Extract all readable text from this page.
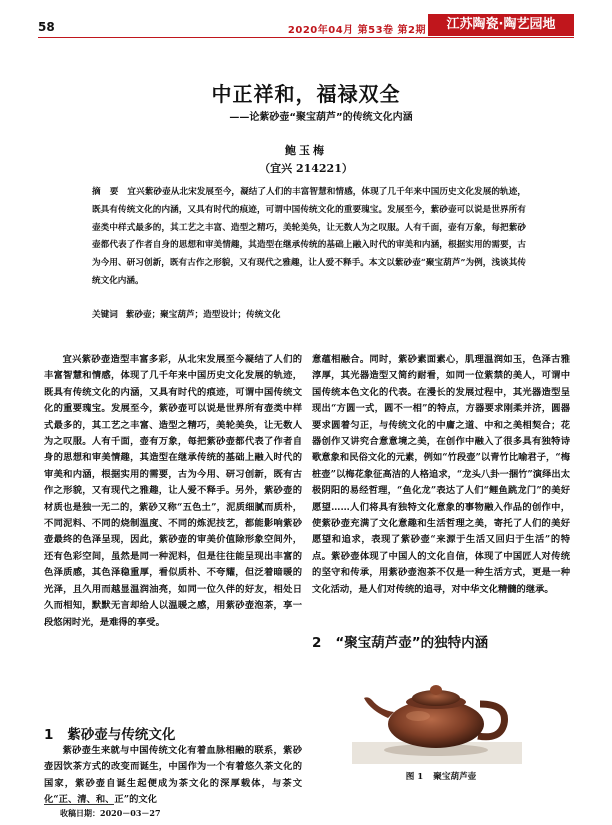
58	2020年04月 第53卷 第2期	江苏陶瓷·陶艺园地
中正祥和，福禄双全
——论紫砂壶“聚宝葫芦”的传统文化内涵
鲍玉梅
（宜兴 214221）
摘 要 宜兴紫砂壶从北宋发展至今，凝结了人们的丰富智慧和情感，体现了几千年来中国历史文化发展的轨迹，既具有传统文化的内涵，又具有时代的痕迹，可谓中国传统文化的重要瑰宝。发展至今，紫砂壶可以说是世界所有壶类中样式最多的，其工艺之丰富、造型之精巧，美轮美奂，让无数人为之叹服。人有千面，壶有万象，每把紫砂壶都代表了作者自身的思想和审美情趣，其造型在继承传统的基础上融入时代的审美和内涵，根据实用的需要，古为今用、研习创新，既有古作之形貌，又有现代之雅趣，让人爱不释手。本文以紫砂壶“聚宝葫芦”为例，浅谈其传统文化内涵。
关键词 紫砂壶；聚宝葫芦；造型设计；传统文化

宜兴紫砂壶造型丰富多彩，从北宋发展至今凝结了人们的丰富智慧和情感，体现了几千年来中国历史文化发展的轨迹，既具有传统文化的内涵，又具有时代的痕迹，可谓中国传统文化的重要瑰宝。发展至今，紫砂壶可以说是世界所有壶类中样式最多的，其工艺之丰富、造型之精巧，美轮美奂，让无数人为之叹服。人有千面，壶有万象，每把紫砂壶都代表了作者自身的思想和审美情趣，其造型在继承传统的基础上融入时代的审美和内涵，根据实用的需要，古为今用、研习创新，既有古作之形貌，又有现代之雅趣，让人爱不释手。另外，紫砂壶的材质也是独一无二的，紫砂又称“五色土”，泥质细腻而质朴，不同泥料、不同的烧制温度、不同的炼泥技艺，都能影响紫砂壶最终的色泽呈现，因此，紫砂壶的审美价值除形象空间外，还有色彩空间，虽然是同一种泥料，但是往往能呈现出丰富的色泽质感，其色泽稳重厚，看似质朴、不夸耀，但泛着暗暖的光泽，且久用而越显温润油亮，如同一位久伴的好友，相处日久而相知，默默无言却给人以温暖之感，用紫砂壶泡茶，享一段悠闲时光，是难得的享受。

1 紫砂壶与传统文化

紫砂壶生来就与中国传统文化有着血脉相融的联系，紫砂壶因饮茶方式的改变而诞生，中国作为一个有着悠久茶文化的国家，紫砂壶自诞生起便成为茶文化的深厚载体，与茶文化“正、清、和、正”的文化

收稿日期：2020－03－27

意蕴相融合。同时，紫砂素面素心，肌理温润如玉，色泽古雅淳厚，其光器造型又简约耐看，如同一位紫禁的美人，可谓中国传统本色文化的代表。在漫长的发展过程中，其光器造型呈现出“方圆一式，圆不一相”的特点，方器要求刚柔并济，圆器要求圆着匀正，与传统文化的中庸之道、中和之美相契合；花器创作又讲究合意意境之美，在创作中融入了很多具有独特诗歌意象和民俗文化的元素，例如“竹段壶”以青竹比喻君子，“梅桩壶”以梅花象征高洁的人格追求，“龙头八卦一捆竹”演绎出太极阴阳的易经哲理，“鱼化龙”表达了人们“鲤鱼跳龙门”的美好愿望……人们将具有独特文化意象的事物融入作品的创作中，使紫砂壶充满了文化意趣和生活哲理之美，寄托了人们的美好愿望和追求，表现了紫砂壶“来源于生活又回归于生活”的特点。紫砂壶体现了中国人的文化自信，体现了中国匠人对传统的坚守和传承，用紫砂壶泡茶不仅是一种生活方式，更是一种文化活动，是人们对传统的追寻，对中华文化精髓的继承。

2 “聚宝葫芦壶”的独特内涵
图 1 聚宝葫芦壶
